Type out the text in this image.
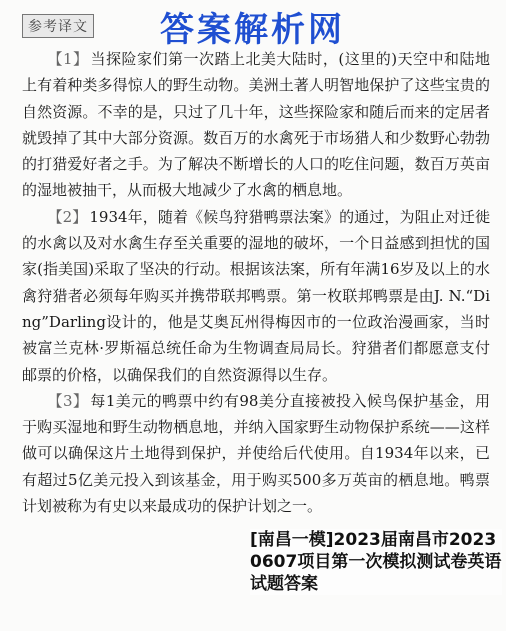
参考译文 答案解析网

【1】 当探险家们第一次踏上北美大陆时，(这里的)天空中和陆地上有着种类多得惊人的野生动物。美洲土著人明智地保护了这些宝贵的自然资源。不幸的是，只过了几十年，这些探险家和随后而来的定居者就毁掉了其中大部分资源。数百万的水禽死于市场猎人和少数野心勃勃的打猎爱好者之手。为了解决不断增长的人口的吃住问题，数百万英亩的湿地被抽干，从而极大地减少了水禽的栖息地。

【2】 1934年，随着《候鸟狩猎鸭票法案》的通过，为阻止对迁徙的水禽以及对水禽生存至关重要的湿地的破坏，一个日益感到担忧的国家(指美国)采取了坚决的行动。根据该法案，所有年满16岁及以上的水禽狩猎者必须每年购买并携带联邦鸭票。第一枚联邦鸭票是由J. N.“Ding”Darling设计的，他是艾奥瓦州得梅因市的一位政治漫画家，当时被富兰克林·罗斯福总统任命为生物调查局局长。狩猎者们都愿意支付邮票的价格，以确保我们的自然资源得以生存。

【3】 每1美元的鸭票中约有98美分直接被投入候鸟保护基金，用于购买湿地和野生动物栖息地，并纳入国家野生动物保护系统——这样做可以确保这片土地得到保护，并使给后代使用。自1934年以来，已有超过5亿美元投入到该基金，用于购买500多万英亩的栖息地。鸭票计划被称为有史以来最成功的保护计划之一。

[南昌一模]2023届南昌市20230607项目第一次模拟测试卷英语试题答案
